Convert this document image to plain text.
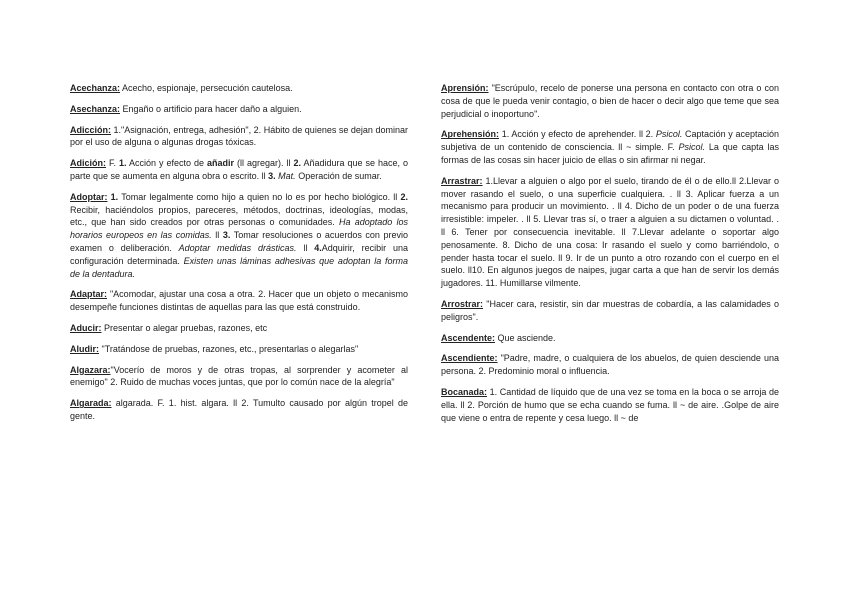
Acechanza: Acecho, espionaje, persecución cautelosa.

Asechanza: Engaño o artificio para hacer daño a alguien.

Adicción: 1."Asignación, entrega, adhesión", 2. Hábito de quienes se dejan dominar por el uso de alguna o algunas drogas tóxicas.

Adición: F. 1. Acción y efecto de añadir (ll agregar). ll 2. Añadidura que se hace, o parte que se aumenta en alguna obra o escrito. ll 3. Mat. Operación de sumar.

Adoptar: 1. Tomar legalmente como hijo a quien no lo es por hecho biológico. ll 2. Recibir, haciéndolos propios, pareceres, métodos, doctrinas, ideologías, modas, etc., que han sido creados por otras personas o comunidades. Ha adoptado los horarios europeos en las comidas. ll 3. Tomar resoluciones o acuerdos con previo examen o deliberación. Adoptar medidas drásticas. ll 4.Adquirir, recibir una configuración determinada. Existen unas láminas adhesivas que adoptan la forma de la dentadura.

Adaptar: "Acomodar, ajustar una cosa a otra. 2. Hacer que un objeto o mecanismo desempeñe funciones distintas de aquellas para las que está construido.

Aducir: Presentar o alegar pruebas, razones, etc

Aludir: "Tratándose de pruebas, razones, etc., presentarlas o alegarlas"

Algazara:"Vocerío de moros y de otras tropas, al sorprender y acometer al enemigo" 2. Ruido de muchas voces juntas, que por lo común nace de la alegría"

Algarada: algarada. F. 1. hist. algara. ll 2. Tumulto causado por algún tropel de gente.

Aprensión: "Escrúpulo, recelo de ponerse una persona en contacto con otra o con cosa de que le pueda venir contagio, o bien de hacer o decir algo que teme que sea perjudicial o inoportuno".

Aprehensión: 1. Acción y efecto de aprehender. ll 2. Psicol. Captación y aceptación subjetiva de un contenido de consciencia. ll ~ simple. F. Psicol. La que capta las formas de las cosas sin hacer juicio de ellas o sin afirmar ni negar.

Arrastrar: 1.Llevar a alguien o algo por el suelo, tirando de él o de ello.ll 2.Llevar o mover rasando el suelo, o una superficie cualquiera. . ll 3. Aplicar fuerza a un mecanismo para producir un movimiento. . ll 4. Dicho de un poder o de una fuerza irresistible: impeler. . ll 5. Llevar tras sí, o traer a alguien a su dictamen o voluntad. . ll 6. Tener por consecuencia inevitable. ll 7.Llevar adelante o soportar algo penosamente. 8. Dicho de una cosa: Ir rasando el suelo y como barriéndolo, o pender hasta tocar el suelo. ll 9. Ir de un punto a otro rozando con el cuerpo en el suelo. ll10. En algunos juegos de naipes, jugar carta a que han de servir los demás jugadores. 11. Humillarse vilmente.

Arrostrar: "Hacer cara, resistir, sin dar muestras de cobardía, a las calamidades o peligros".

Ascendente: Que asciende.

Ascendiente: "Padre, madre, o cualquiera de los abuelos, de quien desciende una persona. 2. Predominio moral o influencia.

Bocanada: 1. Cantidad de líquido que de una vez se toma en la boca o se arroja de ella. ll 2. Porción de humo que se echa cuando se fuma. ll ~ de aire. .Golpe de aire que viene o entra de repente y cesa luego. ll ~ de
